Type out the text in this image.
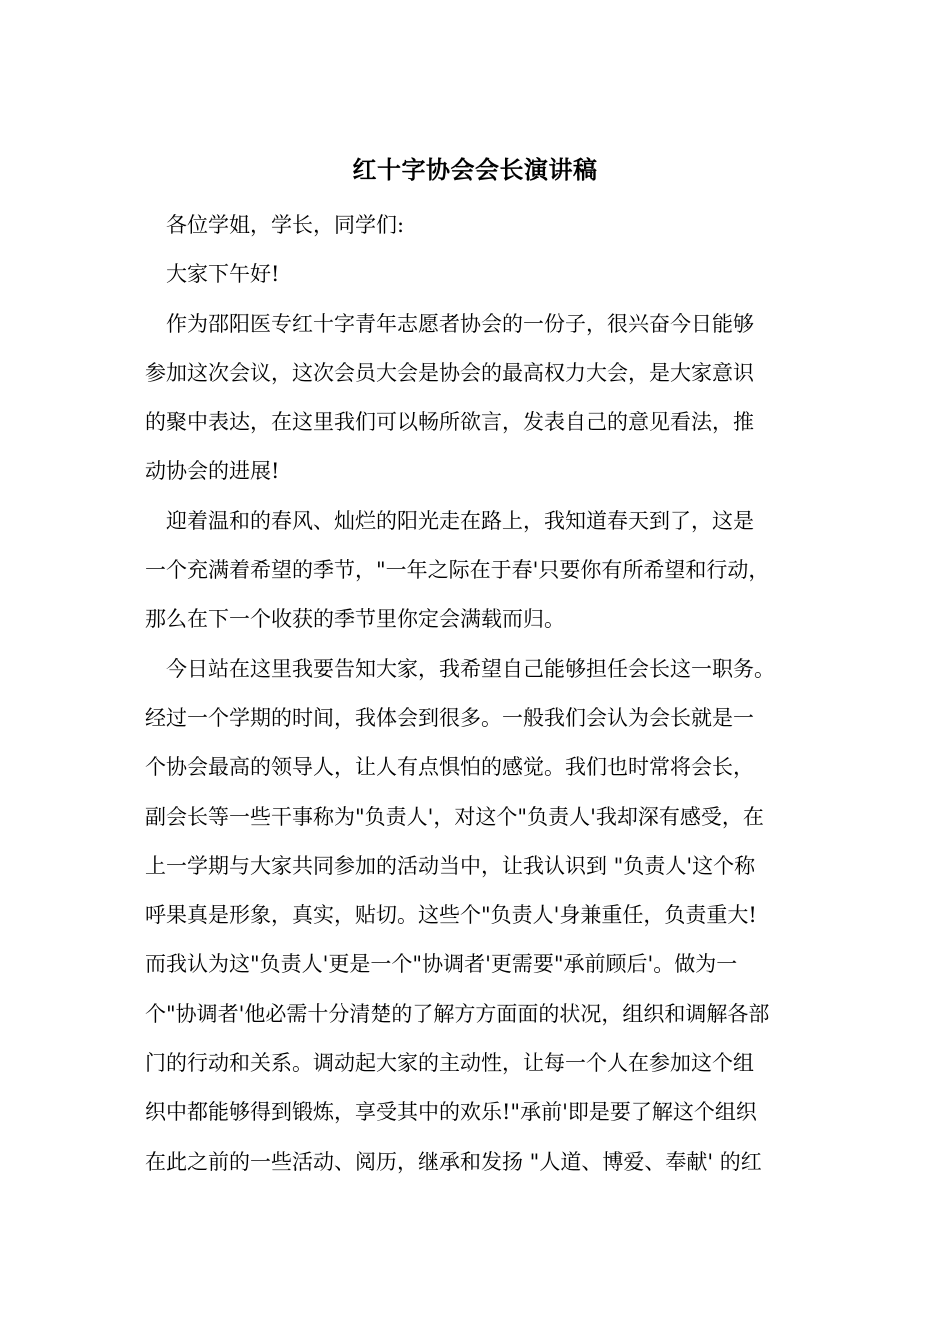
红十字协会会长演讲稿
各位学姐，学长，同学们:
大家下午好!
作为邵阳医专红十字青年志愿者协会的一份子，很兴奋今日能够
参加这次会议，这次会员大会是协会的最高权力大会，是大家意识
的聚中表达，在这里我们可以畅所欲言，发表自己的意见看法，推
动协会的进展!
迎着温和的春风、灿烂的阳光走在路上，我知道春天到了，这是
一个充满着希望的季节，"一年之际在于春'只要你有所希望和行动，
那么在下一个收获的季节里你定会满载而归。
今日站在这里我要告知大家，我希望自己能够担任会长这一职务。
经过一个学期的时间，我体会到很多。一般我们会认为会长就是一
个协会最高的领导人，让人有点惧怕的感觉。我们也时常将会长，
副会长等一些干事称为"负责人'，对这个"负责人'我却深有感受，在
上一学期与大家共同参加的活动当中，让我认识到 "负责人'这个称
呼果真是形象，真实，贴切。这些个"负责人'身兼重任，负责重大!
而我认为这"负责人'更是一个"协调者'更需要"承前顾后'。做为一
个"协调者'他必需十分清楚的了解方方面面的状况，组织和调解各部
门的行动和关系。调动起大家的主动性，让每一个人在参加这个组
织中都能够得到锻炼，享受其中的欢乐!"承前'即是要了解这个组织
在此之前的一些活动、阅历，继承和发扬 "人道、博爱、奉献' 的红
